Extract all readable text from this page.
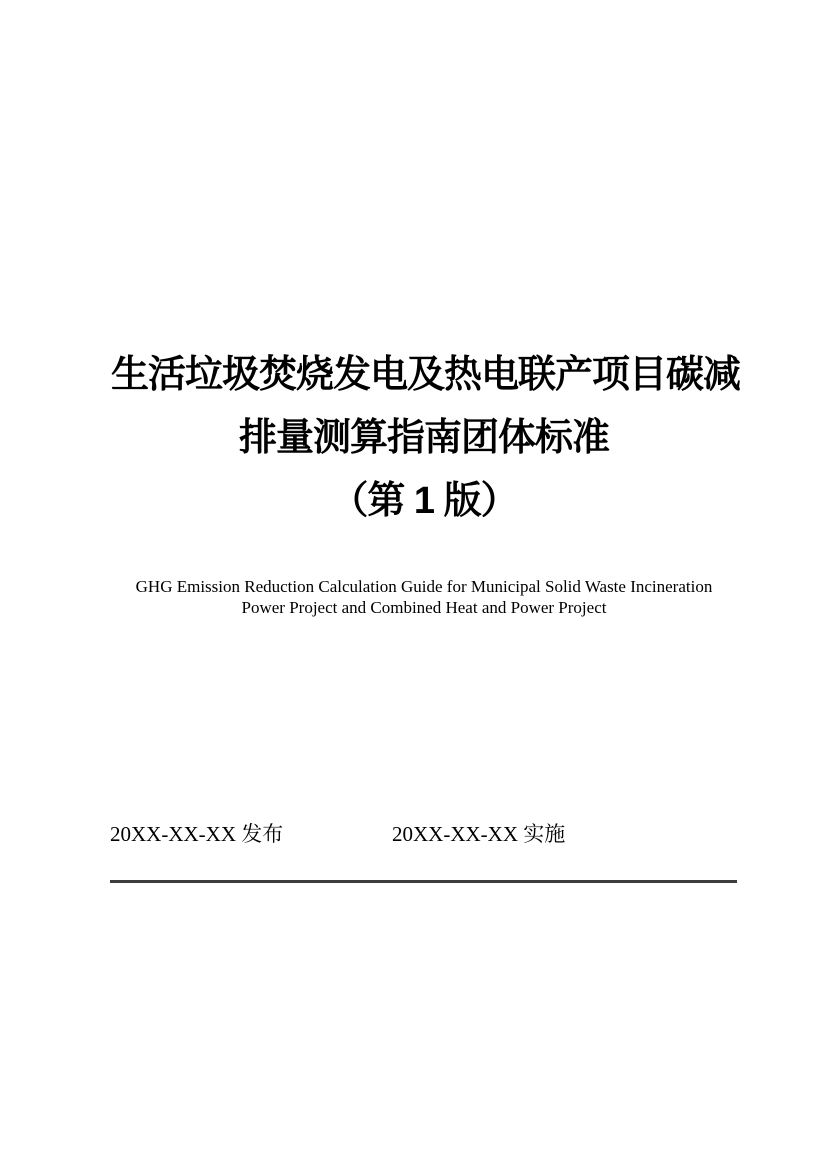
生活垃圾焚烧发电及热电联产项目碳减
排量测算指南团体标准
（第 1 版）
GHG Emission Reduction Calculation Guide for Municipal Solid Waste Incineration
Power Project and Combined Heat and Power Project
20XX-XX-XX 发布	20XX-XX-XX 实施
